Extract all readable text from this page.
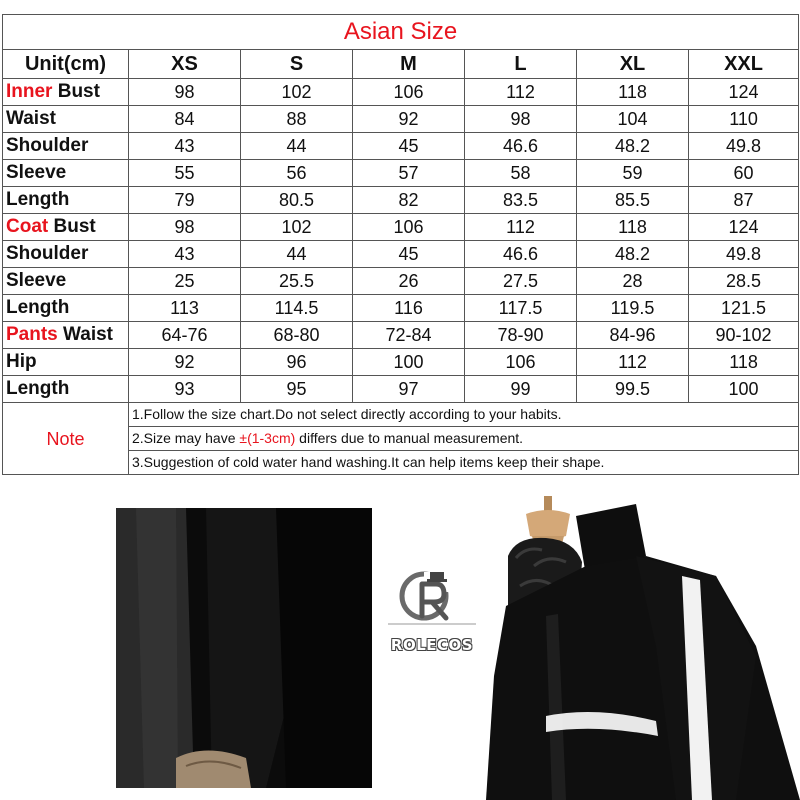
Asian Size						
Unit(cm)	XS	S	M	L	XL	XXL
Inner Bust	98	102	106	112	118	124
Waist	84	88	92	98	104	110
Shoulder	43	44	45	46.6	48.2	49.8
Sleeve	55	56	57	58	59	60
Length	79	80.5	82	83.5	85.5	87
Coat Bust	98	102	106	112	118	124
Shoulder	43	44	45	46.6	48.2	49.8
Sleeve	25	25.5	26	27.5	28	28.5
Length	113	114.5	116	117.5	119.5	121.5
Pants Waist	64-76	68-80	72-84	78-90	84-96	90-102
Hip	92	96	100	106	112	118
Length	93	95	97	99	99.5	100
Note	1.Follow the size chart.Do not select directly according to your habits.					
	2.Size may have ±(1-3cm) differs due to manual measurement.					
	3.Suggestion of cold water hand washing.It can help items keep their shape.					
ROLECOS
